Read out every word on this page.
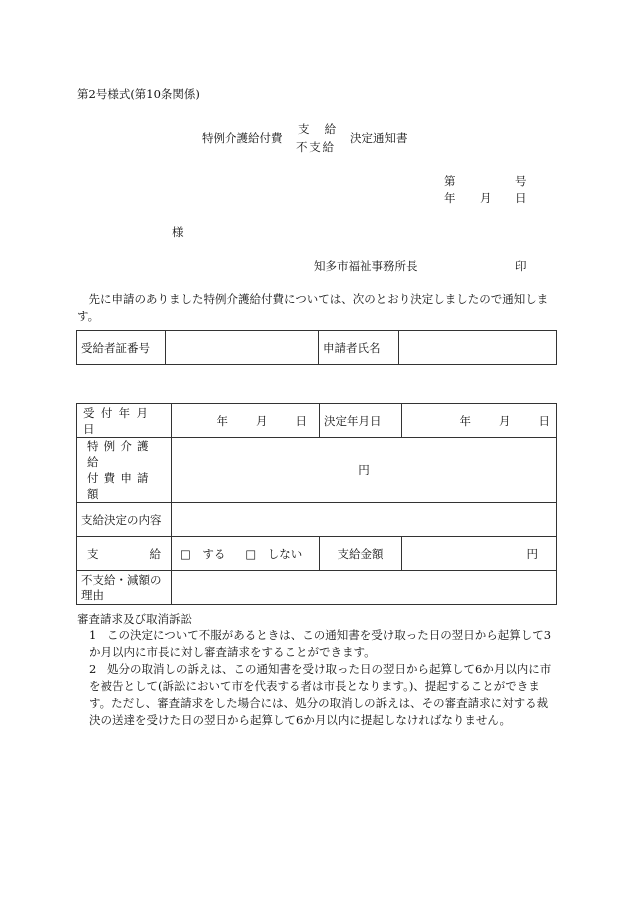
第2号様式(第10条関係)
特例介護給付費
支 給
不支給
決定通知書
第	号
年 月 日
様
知多市福祉事務所長	印
先に申請のありました特例介護給付費については、次のとおり決定しましたので通知します。
受給者証番号		申請者氏名	
受付年月日	年 月 日	決定年月日	年 月 日

特例介護給
付費申請額	円		
支給決定の内容			

支 給	□　する □　しない	支給金額	円
不支給・減額の理由			
審査請求及び取消訴訟
1 この決定について不服があるときは、この通知書を受け取った日の翌日から起算して3か月以内に市長に対し審査請求をすることができます。
2 処分の取消しの訴えは、この通知書を受け取った日の翌日から起算して6か月以内に市を被告として(訴訟において市を代表する者は市長となります。)、提起することができます。ただし、審査請求をした場合には、処分の取消しの訴えは、その審査請求に対する裁決の送達を受けた日の翌日から起算して6か月以内に提起しなければなりません。
